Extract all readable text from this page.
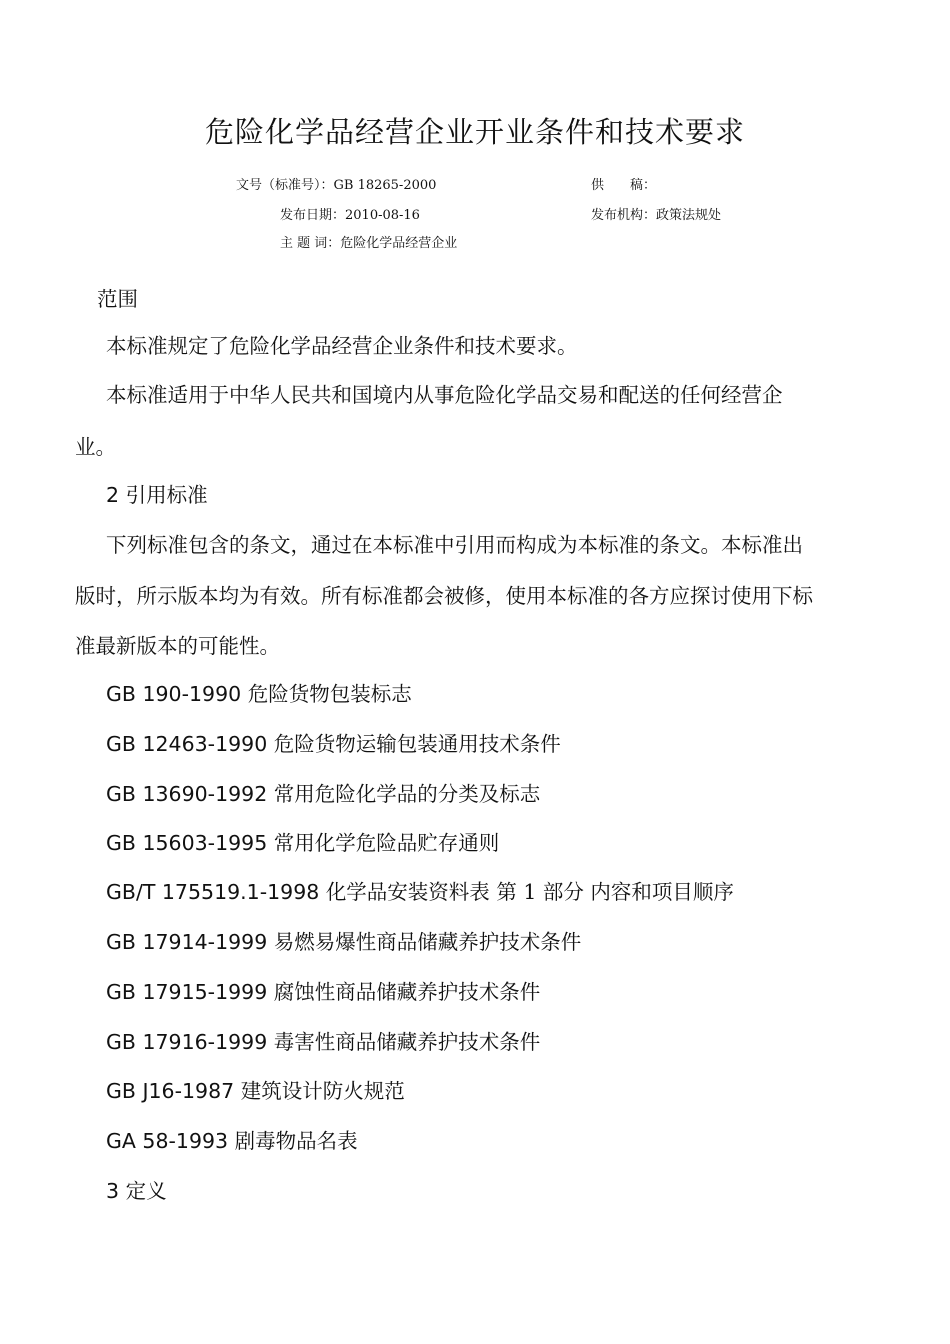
危险化学品经营企业开业条件和技术要求
文号（标准号）：GB 18265-2000	供　　稿：
发布日期：2010-08-16	发布机构：政策法规处
主 题 词：危险化学品经营企业
范围
本标准规定了危险化学品经营企业条件和技术要求。
本标准适用于中华人民共和国境内从事危险化学品交易和配送的任何经营企
业。
2 引用标准
下列标准包含的条文，通过在本标准中引用而构成为本标准的条文。本标准出
版时，所示版本均为有效。所有标准都会被修，使用本标准的各方应探讨使用下标
准最新版本的可能性。
GB 190-1990 危险货物包装标志
GB 12463-1990 危险货物运输包装通用技术条件
GB 13690-1992 常用危险化学品的分类及标志
GB 15603-1995 常用化学危险品贮存通则
GB/T 175519.1-1998 化学品安装资料表 第 1 部分 内容和项目顺序
GB 17914-1999 易燃易爆性商品储藏养护技术条件
GB 17915-1999 腐蚀性商品储藏养护技术条件
GB 17916-1999 毒害性商品储藏养护技术条件
GB J16-1987 建筑设计防火规范
GA 58-1993 剧毒物品名表
3 定义
